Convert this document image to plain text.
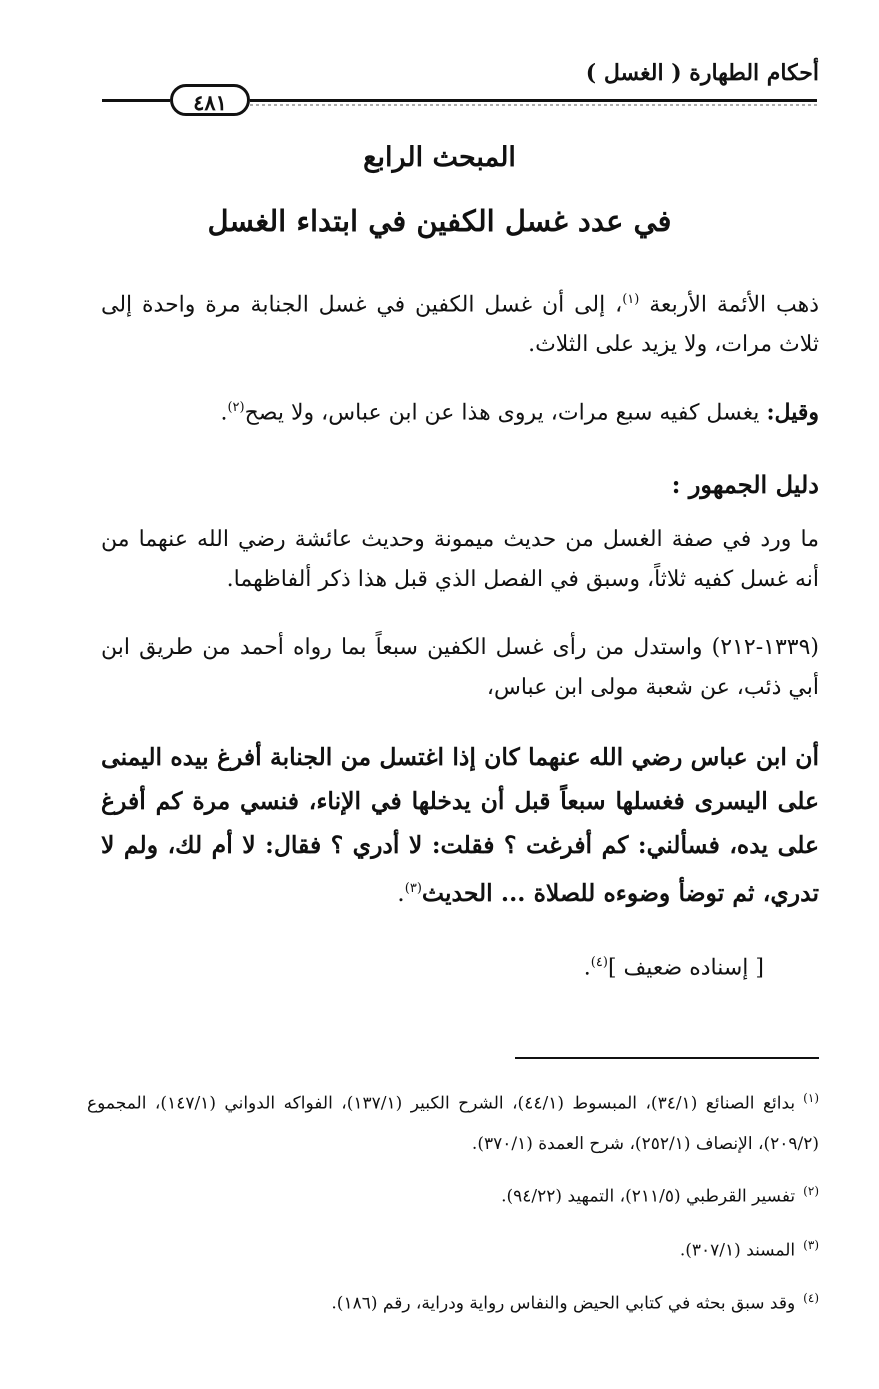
أحكام الطهارة ( الغسل )
٤٨١
المبحث الرابع
في عدد غسل الكفين في ابتداء الغسل
ذهب الأئمة الأربعة $^{(١)}$، إلى أن غسل الكفين في غسل الجنابة مرة واحدة إلى ثلاث مرات، ولا يزيد على الثلاث.
وقيل: يغسل كفيه سبع مرات، يروى هذا عن ابن عباس، ولا يصح$^{(٢)}$.
دليل الجمهور :
ما ورد في صفة الغسل من حديث ميمونة وحديث عائشة رضي الله عنهما من أنه غسل كفيه ثلاثاً، وسبق في الفصل الذي قبل هذا ذكر ألفاظهما.
(١٣٣٩-٢١٢) واستدل من رأى غسل الكفين سبعاً بما رواه أحمد من طريق ابن أبي ذئب، عن شعبة مولى ابن عباس،
أن ابن عباس رضي الله عنهما كان إذا اغتسل من الجنابة أفرغ بيده اليمنى على اليسرى فغسلها سبعاً قبل أن يدخلها في الإناء، فنسي مرة كم أفرغ على يده، فسألني: كم أفرغت ؟ فقلت: لا أدري ؟ فقال: لا أم لك، ولم لا تدري، ثم توضأ وضوءه للصلاة ... الحديث$^{(٣)}$.
[ إسناده ضعيف ]$^{(٤)}$.
$^{(١)}$بدائع الصنائع (٣٤/١)، المبسوط (٤٤/١)، الشرح الكبير (١٣٧/١)، الفواكه الدواني (١٤٧/١)، المجموع (٢٠٩/٢)، الإنصاف (٢٥٢/١)، شرح العمدة (٣٧٠/١).
$^{(٢)}$تفسير القرطبي (٢١١/٥)، التمهيد (٩٤/٢٢).
$^{(٣)}$المسند (٣٠٧/١).
$^{(٤)}$وقد سبق بحثه في كتابي الحيض والنفاس رواية ودراية، رقم (١٨٦).
